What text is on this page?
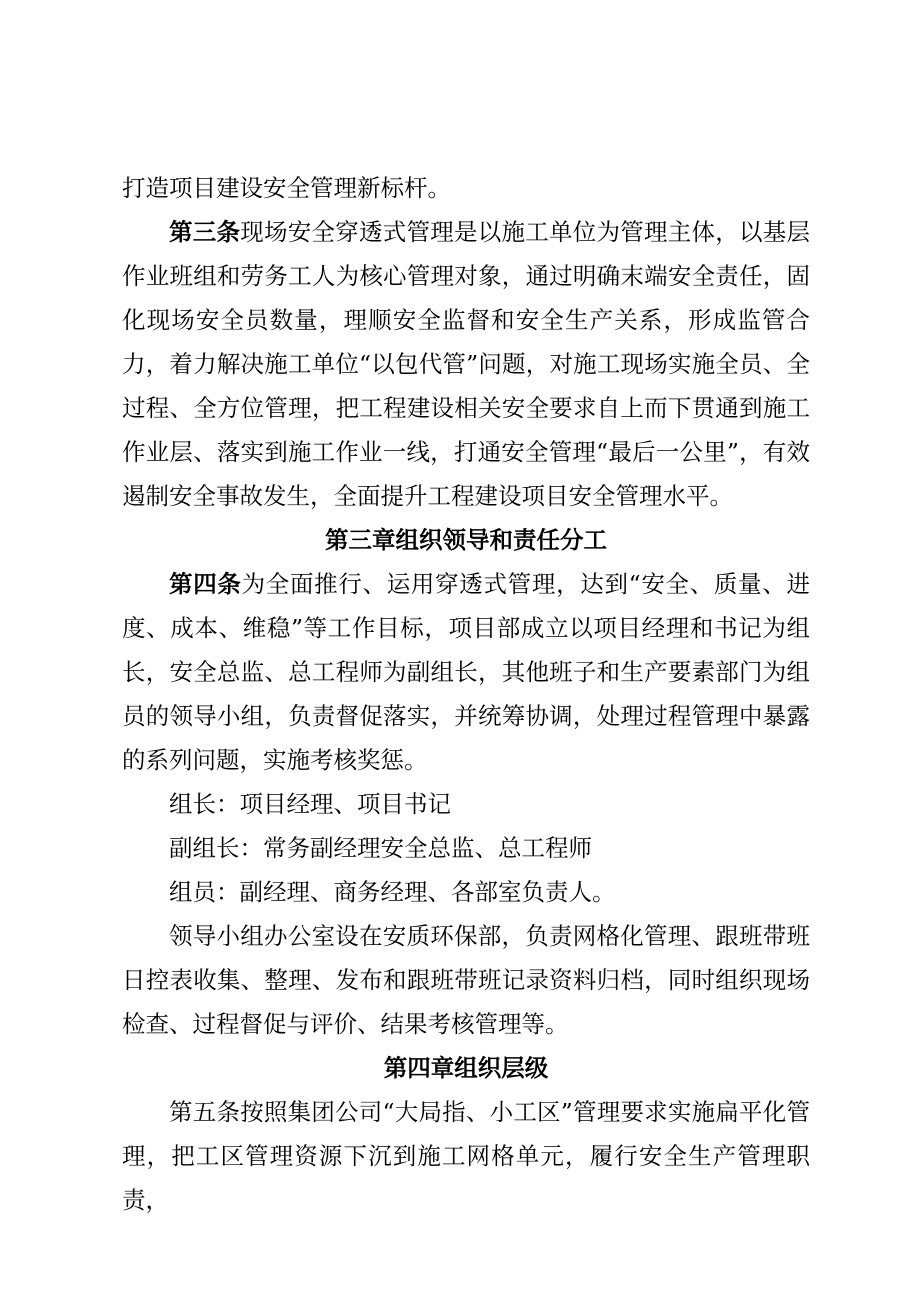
打造项目建设安全管理新标杆。

第三条现场安全穿透式管理是以施工单位为管理主体，以基层作业班组和劳务工人为核心管理对象，通过明确末端安全责任，固化现场安全员数量，理顺安全监督和安全生产关系，形成监管合力，着力解决施工单位“以包代管”问题，对施工现场实施全员、全过程、全方位管理，把工程建设相关安全要求自上而下贯通到施工作业层、落实到施工作业一线，打通安全管理“最后一公里”，有效遏制安全事故发生，全面提升工程建设项目安全管理水平。

第三章组织领导和责任分工

第四条为全面推行、运用穿透式管理，达到“安全、质量、进度、成本、维稳”等工作目标，项目部成立以项目经理和书记为组长，安全总监、总工程师为副组长，其他班子和生产要素部门为组员的领导小组，负责督促落实，并统筹协调，处理过程管理中暴露的系列问题，实施考核奖惩。

组长：项目经理、项目书记

副组长：常务副经理安全总监、总工程师

组员：副经理、商务经理、各部室负责人。

领导小组办公室设在安质环保部，负责网格化管理、跟班带班日控表收集、整理、发布和跟班带班记录资料归档，同时组织现场检查、过程督促与评价、结果考核管理等。

第四章组织层级

第五条按照集团公司“大局指、小工区”管理要求实施扁平化管理，把工区管理资源下沉到施工网格单元，履行安全生产管理职责，
